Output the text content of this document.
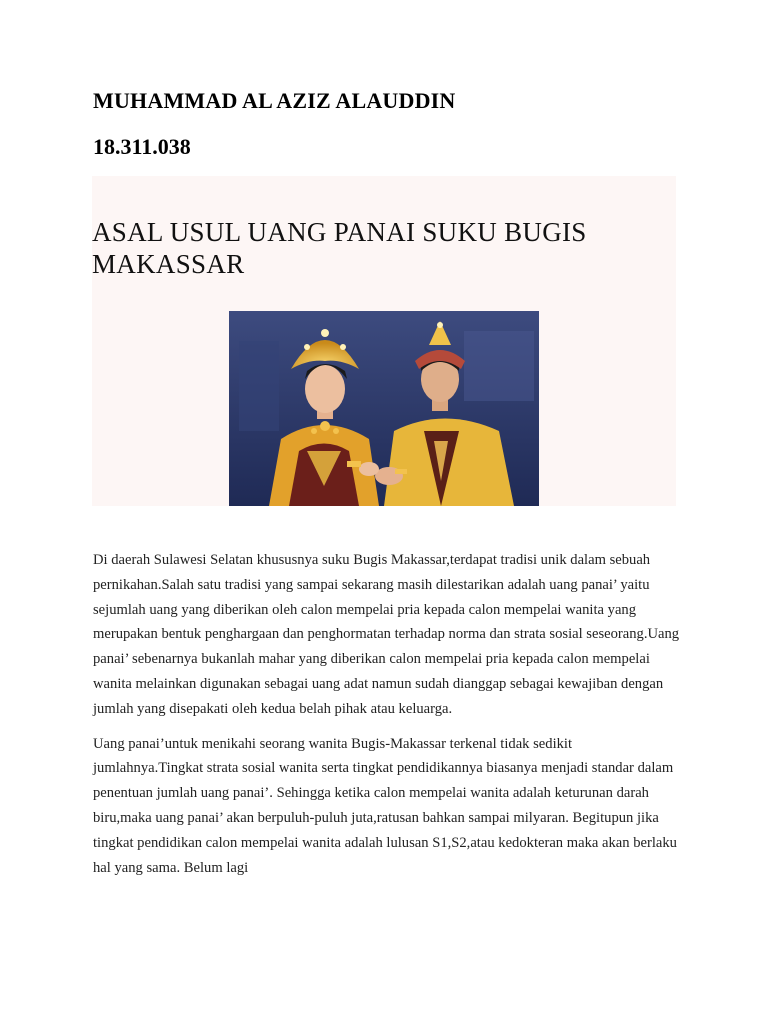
MUHAMMAD AL AZIZ ALAUDDIN
18.311.038
ASAL USUL UANG PANAI SUKU BUGIS MAKASSAR

Di daerah Sulawesi Selatan khususnya suku Bugis Makassar,terdapat tradisi unik dalam sebuah pernikahan.Salah satu tradisi yang sampai sekarang masih dilestarikan adalah uang panai’ yaitu sejumlah uang yang diberikan oleh calon mempelai pria kepada calon mempelai wanita yang merupakan bentuk penghargaan dan penghormatan terhadap norma dan strata sosial seseorang.Uang panai’ sebenarnya bukanlah mahar yang diberikan calon mempelai pria kepada calon mempelai wanita melainkan digunakan sebagai uang adat namun sudah dianggap sebagai kewajiban dengan jumlah yang disepakati oleh kedua belah pihak atau keluarga.

Uang panai’untuk menikahi seorang wanita Bugis-Makassar terkenal tidak sedikit jumlahnya.Tingkat strata sosial wanita serta tingkat pendidikannya biasanya menjadi standar dalam penentuan jumlah uang panai’. Sehingga ketika calon mempelai wanita adalah keturunan darah biru,maka uang panai’ akan berpuluh-puluh juta,ratusan bahkan sampai milyaran. Begitupun jika tingkat pendidikan calon mempelai wanita adalah lulusan S1,S2,atau kedokteran maka akan berlaku hal yang sama. Belum lagi
